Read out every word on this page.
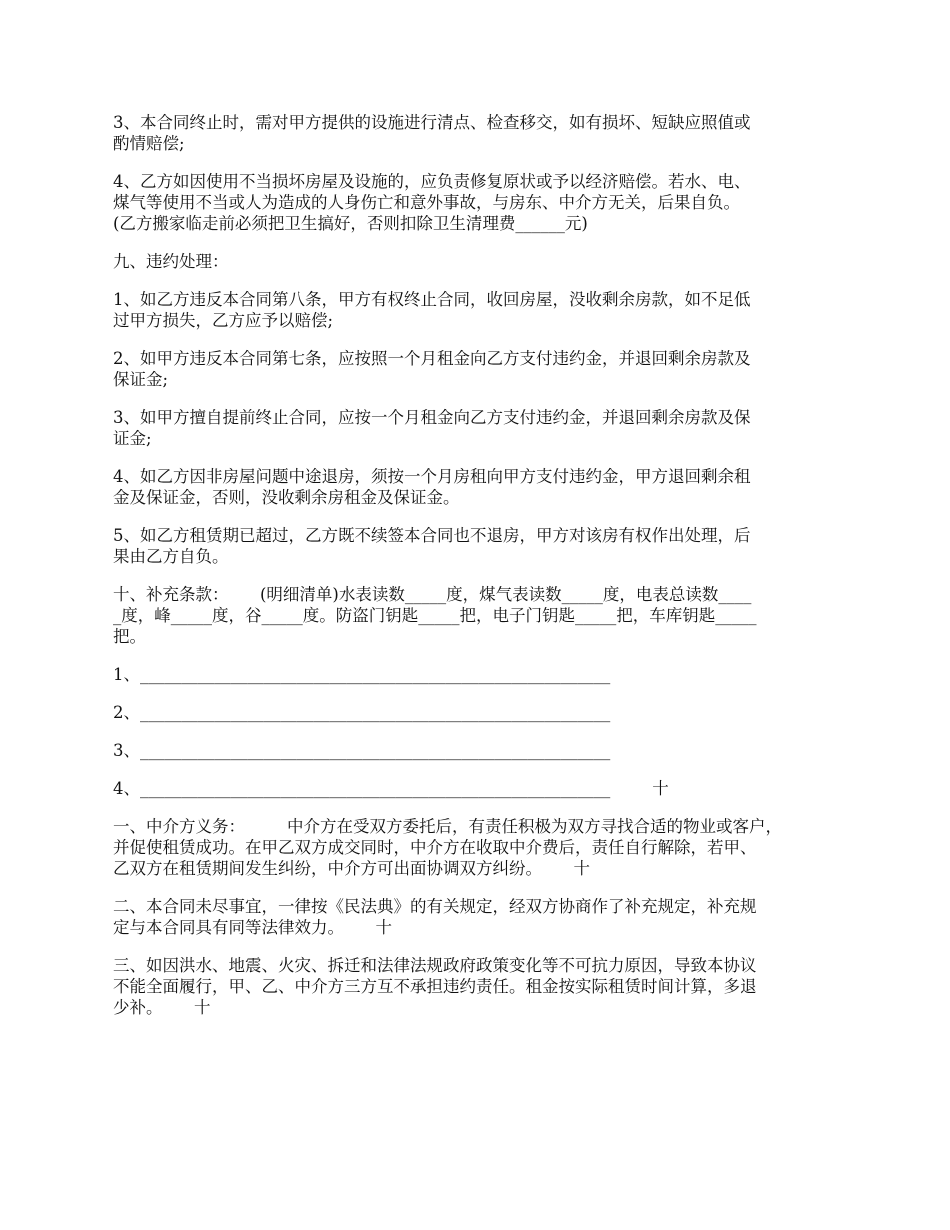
3、本合同终止时，需对甲方提供的设施进行清点、检查移交，如有损坏、短缺应照值或
酌情赔偿;

4、乙方如因使用不当损坏房屋及设施的，应负责修复原状或予以经济赔偿。若水、电、
煤气等使用不当或人为造成的人身伤亡和意外事故，与房东、中介方无关，后果自负。
(乙方搬家临走前必须把卫生搞好，否则扣除卫生清理费______元)

九、违约处理：

1、如乙方违反本合同第八条，甲方有权终止合同，收回房屋，没收剩余房款，如不足低
过甲方损失，乙方应予以赔偿;

2、如甲方违反本合同第七条，应按照一个月租金向乙方支付违约金，并退回剩余房款及
保证金;

3、如甲方擅自提前终止合同，应按一个月租金向乙方支付违约金，并退回剩余房款及保
证金;

4、如乙方因非房屋问题中途退房，须按一个月房租向甲方支付违约金，甲方退回剩余租
金及保证金，否则，没收剩余房租金及保证金。

5、如乙方租赁期已超过，乙方既不续签本合同也不退房，甲方对该房有权作出处理，后
果由乙方自负。

十、补充条款：      (明细清单)水表读数_____度，煤气表读数_____度，电表总读数____
_度，峰_____度，谷_____度。防盗门钥匙_____把，电子门钥匙_____把，车库钥匙_____
把。

1、_________________________________________________________

2、_________________________________________________________

3、_________________________________________________________

4、_________________________________________________________        十

一、中介方义务：        中介方在受双方委托后，有责任积极为双方寻找合适的物业或客户，
并促使租赁成功。在甲乙双方成交同时，中介方在收取中介费后，责任自行解除，若甲、
乙双方在租赁期间发生纠纷，中介方可出面协调双方纠纷。      十

二、本合同未尽事宜，一律按《民法典》的有关规定，经双方协商作了补充规定，补充规
定与本合同具有同等法律效力。      十

三、如因洪水、地震、火灾、拆迁和法律法规政府政策变化等不可抗力原因，导致本协议
不能全面履行，甲、乙、中介方三方互不承担违约责任。租金按实际租赁时间计算，多退
少补。      十
